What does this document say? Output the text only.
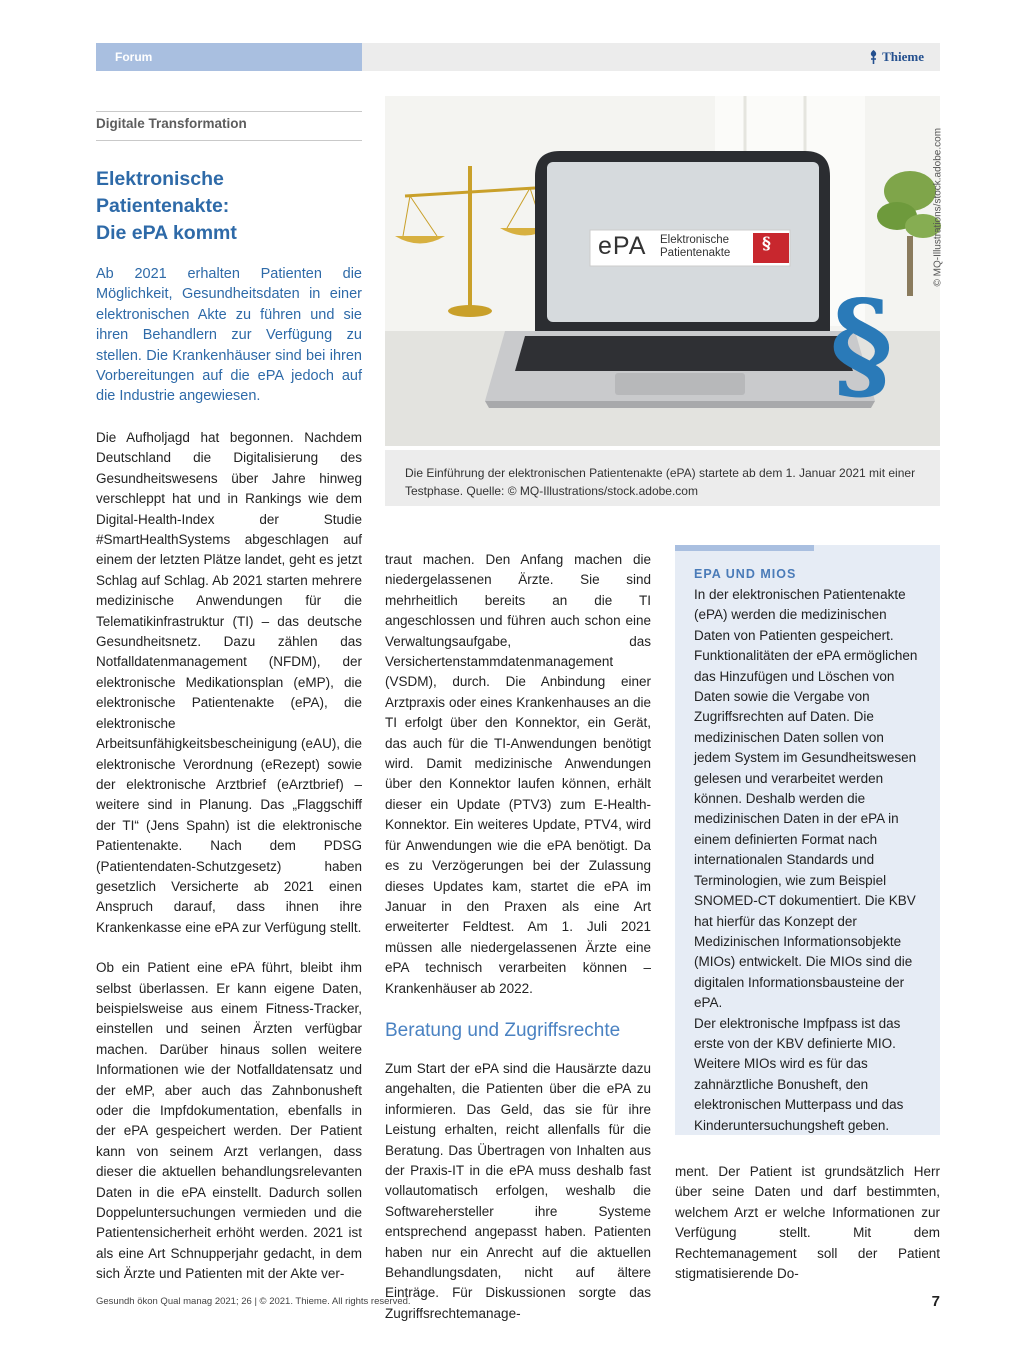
Forum	Thieme
Digitale Transformation
Elektronische
Patientenakte:
Die ePA kommt
Ab 2021 erhalten Patienten die Möglichkeit, Gesundheitsdaten in einer elektronischen Akte zu führen und sie ihren Behandlern zur Verfügung zu stellen. Die Krankenhäuser sind bei ihren Vorbereitungen auf die ePA jedoch auf die Industrie angewiesen.

Die Aufholjagd hat begonnen. Nachdem Deutschland die Digitalisierung des Gesundheitswesens über Jahre hinweg verschleppt hat und in Rankings wie dem Digital-Health-Index der Studie #SmartHealthSystems abgeschlagen auf einem der letzten Plätze landet, geht es jetzt Schlag auf Schlag. Ab 2021 starten mehrere medizinische Anwendungen für die Telematikinfrastruktur (TI) – das deutsche Gesundheitsnetz. Dazu zählen das Notfalldatenmanagement (NFDM), der elektronische Medikationsplan (eMP), die elektronische Patientenakte (ePA), die elektronische Arbeitsunfähigkeitsbescheinigung (eAU), die elektronische Verordnung (eRezept) sowie der elektronische Arztbrief (eArztbrief) – weitere sind in Planung. Das „Flaggschiff der TI“ (Jens Spahn) ist die elektronische Patientenakte. Nach dem PDSG (Patientendaten-Schutzgesetz) haben gesetzlich Versicherte ab 2021 einen Anspruch darauf, dass ihnen ihre Krankenkasse eine ePA zur Verfügung stellt.

Ob ein Patient eine ePA führt, bleibt ihm selbst überlassen. Er kann eigene Daten, beispielsweise aus einem Fitness-Tracker, einstellen und seinen Ärzten verfügbar machen. Darüber hinaus sollen weitere Informationen wie der Notfalldatensatz und der eMP, aber auch das Zahnbonusheft oder die Impfdokumentation, ebenfalls in der ePA gespeichert werden. Der Patient kann von seinem Arzt verlangen, dass dieser die aktuellen behandlungsrelevanten Daten in die ePA einstellt. Dadurch sollen Doppeluntersuchungen vermieden und die Patientensicherheit erhöht werden. 2021 ist als eine Art Schnupperjahr gedacht, in dem sich Ärzte und Patienten mit der Akte ver-

§
ePA Elektronische
Patientenakte §	© MQ-Illustrations/stock.adobe.com
Die Einführung der elektronischen Patientenakte (ePA) startete ab dem 1. Januar 2021 mit einer Testphase. Quelle: © MQ-Illustrations/stock.adobe.com

traut machen. Den Anfang machen die niedergelassenen Ärzte. Sie sind mehrheitlich bereits an die TI angeschlossen und führen auch schon eine Verwaltungsaufgabe, das Versichertenstammdatenmanagement (VSDM), durch. Die Anbindung einer Arztpraxis oder eines Krankenhauses an die TI erfolgt über den Konnektor, ein Gerät, das auch für die TI-Anwendungen benötigt wird. Damit medizinische Anwendungen über den Konnektor laufen können, erhält dieser ein Update (PTV3) zum E-Health-Konnektor. Ein weiteres Update, PTV4, wird für Anwendungen wie die ePA benötigt. Da es zu Verzögerungen bei der Zulassung dieses Updates kam, startet die ePA im Januar in den Praxen als eine Art erweiterter Feldtest. Am 1. Juli 2021 müssen alle niedergelassenen Ärzte eine ePA technisch verarbeiten können – Krankenhäuser ab 2022.

Beratung und Zugriffsrechte

Zum Start der ePA sind die Hausärzte dazu angehalten, die Patienten über die ePA zu informieren. Das Geld, das sie für ihre Leistung erhalten, reicht allenfalls für die Beratung. Das Übertragen von Inhalten aus der Praxis-IT in die ePA muss deshalb fast vollautomatisch erfolgen, weshalb die Softwarehersteller ihre Systeme entsprechend angepasst haben. Patienten haben nur ein Anrecht auf die aktuellen Behandlungsdaten, nicht auf ältere Einträge. Für Diskussionen sorgte das Zugriffsrechtemanage-

EPA UND MIOS
In der elektronischen Patientenakte (ePA) werden die medizinischen Daten von Patienten gespeichert. Funktionalitäten der ePA ermöglichen das Hinzufügen und Löschen von Daten sowie die Vergabe von Zugriffsrechten auf Daten. Die medizinischen Daten sollen von jedem System im Gesundheitswesen gelesen und verarbeitet werden können. Deshalb werden die medizinischen Daten in der ePA in einem definierten Format nach internationalen Standards und Terminologien, wie zum Beispiel SNOMED-CT dokumentiert. Die KBV hat hierfür das Konzept der Medizinischen Informationsobjekte (MIOs) entwickelt. Die MIOs sind die digitalen Informationsbausteine der ePA.
Der elektronische Impfpass ist das erste von der KBV definierte MIO. Weitere MIOs wird es für das zahnärztliche Bonusheft, den elektronischen Mutterpass und das Kinderuntersuchungsheft geben.

ment. Der Patient ist grundsätzlich Herr über seine Daten und darf bestimmten, welchem Arzt er welche Informationen zur Verfügung stellt. Mit dem Rechtemanagement soll der Patient stigmatisierende Do-

Gesundh ökon Qual manag 2021; 26 | © 2021. Thieme. All rights reserved.	7
